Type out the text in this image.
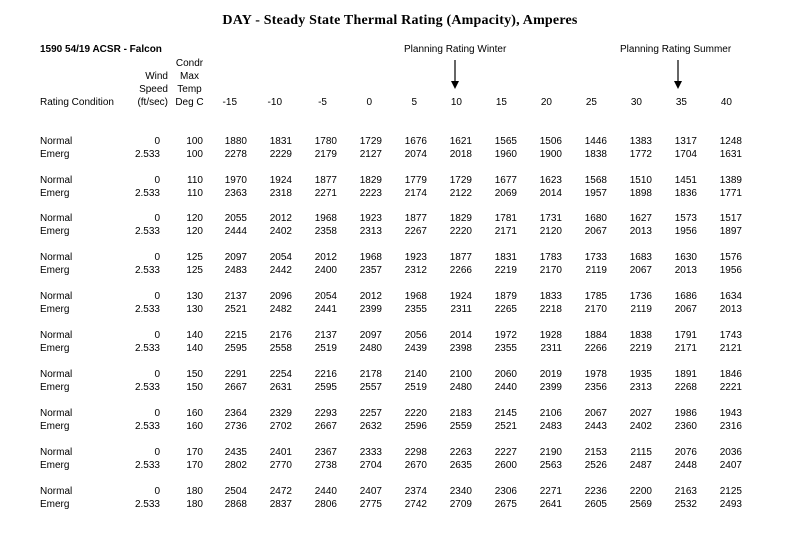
DAY - Steady State Thermal Rating (Ampacity), Amperes
1590 54/19 ACSR - Falcon	Planning Rating Winter	Planning Rating Summer
Rating Condition
Wind
Speed
(ft/sec)
Condr
Max
Temp
Deg C	-15	-10	-5	0	5	10	15	20	25	30	35	40
Normal	0	100	1880	1831	1780	1729	1676	1621	1565	1506	1446	1383	1317	1248
Emerg	2.533	100	2278	2229	2179	2127	2074	2018	1960	1900	1838	1772	1704	1631
Normal	0	110	1970	1924	1877	1829	1779	1729	1677	1623	1568	1510	1451	1389
Emerg	2.533	110	2363	2318	2271	2223	2174	2122	2069	2014	1957	1898	1836	1771
Normal	0	120	2055	2012	1968	1923	1877	1829	1781	1731	1680	1627	1573	1517
Emerg	2.533	120	2444	2402	2358	2313	2267	2220	2171	2120	2067	2013	1956	1897
Normal	0	125	2097	2054	2012	1968	1923	1877	1831	1783	1733	1683	1630	1576
Emerg	2.533	125	2483	2442	2400	2357	2312	2266	2219	2170	2119	2067	2013	1956
Normal	0	130	2137	2096	2054	2012	1968	1924	1879	1833	1785	1736	1686	1634
Emerg	2.533	130	2521	2482	2441	2399	2355	2311	2265	2218	2170	2119	2067	2013
Normal	0	140	2215	2176	2137	2097	2056	2014	1972	1928	1884	1838	1791	1743
Emerg	2.533	140	2595	2558	2519	2480	2439	2398	2355	2311	2266	2219	2171	2121
Normal	0	150	2291	2254	2216	2178	2140	2100	2060	2019	1978	1935	1891	1846
Emerg	2.533	150	2667	2631	2595	2557	2519	2480	2440	2399	2356	2313	2268	2221
Normal	0	160	2364	2329	2293	2257	2220	2183	2145	2106	2067	2027	1986	1943
Emerg	2.533	160	2736	2702	2667	2632	2596	2559	2521	2483	2443	2402	2360	2316
Normal	0	170	2435	2401	2367	2333	2298	2263	2227	2190	2153	2115	2076	2036
Emerg	2.533	170	2802	2770	2738	2704	2670	2635	2600	2563	2526	2487	2448	2407
Normal	0	180	2504	2472	2440	2407	2374	2340	2306	2271	2236	2200	2163	2125
Emerg	2.533	180	2868	2837	2806	2775	2742	2709	2675	2641	2605	2569	2532	2493
